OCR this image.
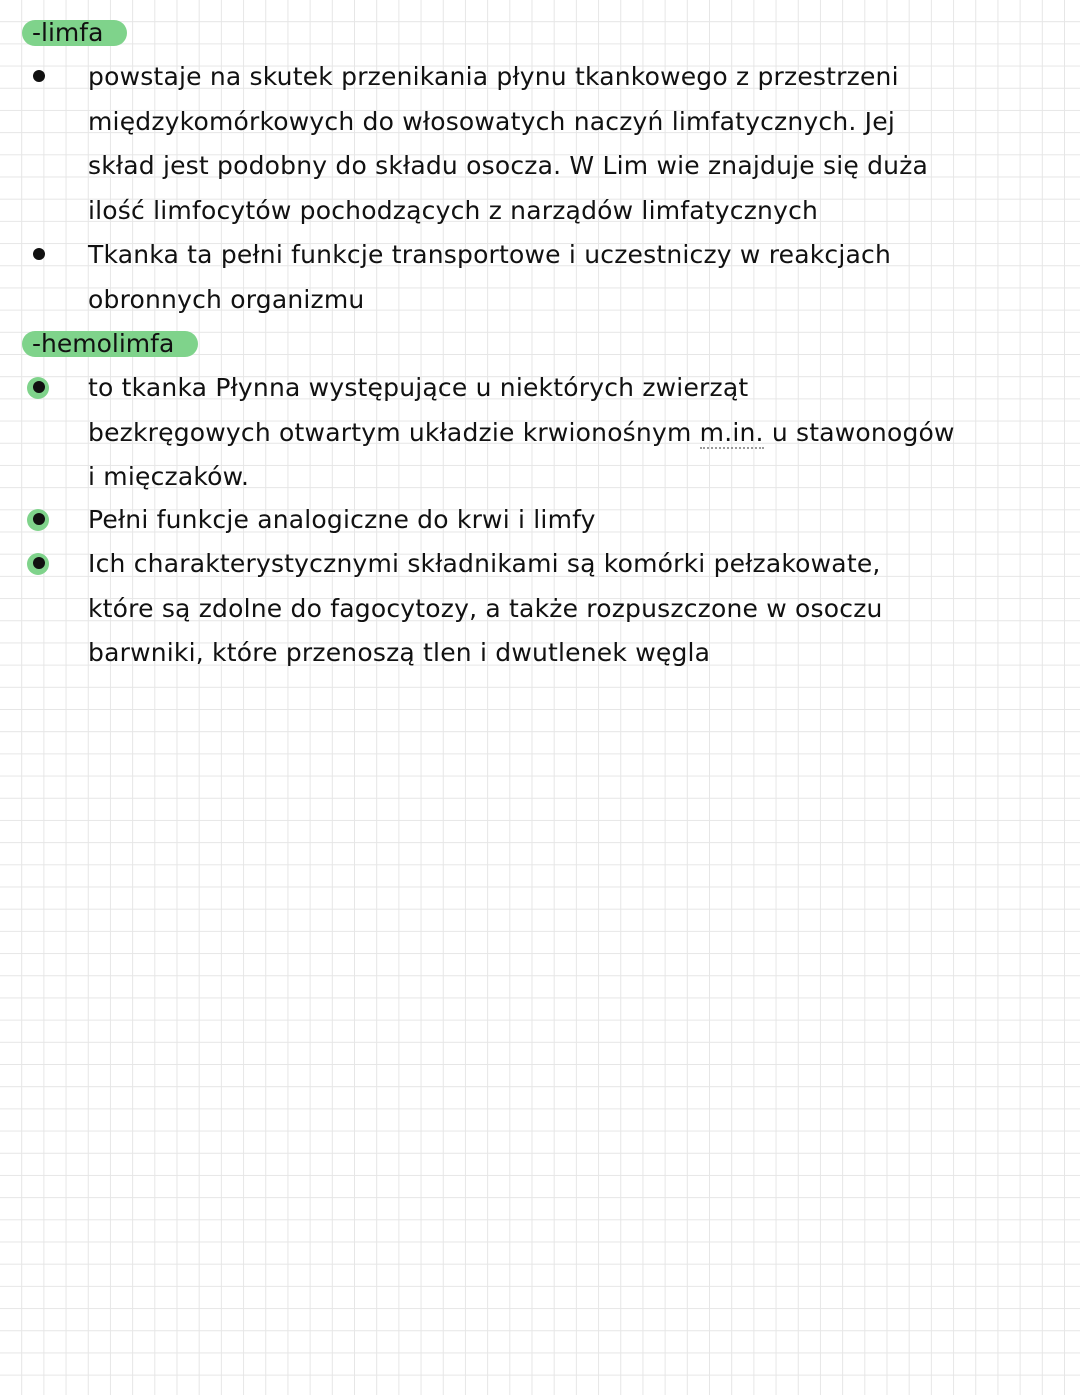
-limfa
powstaje na skutek przenikania płynu tkankowego z przestrzeni
międzykomórkowych do włosowatych naczyń limfatycznych. Jej
skład jest podobny do składu osocza. W Lim wie znajduje się duża
ilość limfocytów pochodzących z narządów limfatycznych
Tkanka ta pełni funkcje transportowe i uczestniczy w reakcjach
obronnych organizmu
-hemolimfa
to tkanka Płynna występujące u niektórych zwierząt
bezkręgowych otwartym układzie krwionośnym m.in. u stawonogów
i mięczaków.
Pełni funkcje analogiczne do krwi i limfy
Ich charakterystycznymi składnikami są komórki pełzakowate,
które są zdolne do fagocytozy, a także rozpuszczone w osoczu
barwniki, które przenoszą tlen i dwutlenek węgla
